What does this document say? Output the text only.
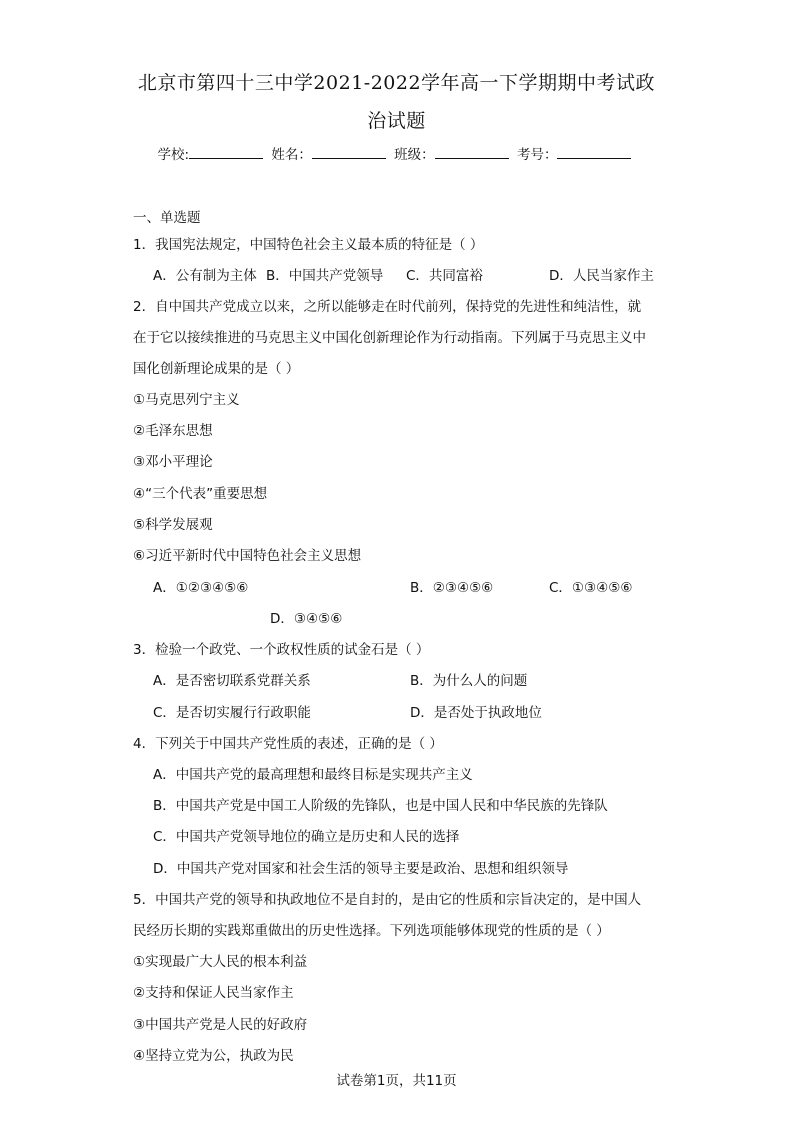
北京市第四十三中学2021-2022学年高一下学期期中考试政
治试题
学校:	姓名：	班级：	考号：
一、单选题
1．我国宪法规定，中国特色社会主义最本质的特征是（ ）
A．公有制为主体 B．中国共产党领导 C．共同富裕	D．人民当家作主
2．自中国共产党成立以来，之所以能够走在时代前列，保持党的先进性和纯洁性，就
在于它以接续推进的马克思主义中国化创新理论作为行动指南。下列属于马克思主义中
国化创新理论成果的是（ ）
①马克思列宁主义
②毛泽东思想
③邓小平理论
④“三个代表”重要思想
⑤科学发展观
⑥习近平新时代中国特色社会主义思想
A．①②③④⑤⑥	B．②③④⑤⑥	C．①③④⑤⑥
D．③④⑤⑥
3．检验一个政党、一个政权性质的试金石是（ ）
A．是否密切联系党群关系	B．为什么人的问题
C．是否切实履行行政职能	D．是否处于执政地位
4．下列关于中国共产党性质的表述，正确的是（ ）
A．中国共产党的最高理想和最终目标是实现共产主义
B．中国共产党是中国工人阶级的先锋队，也是中国人民和中华民族的先锋队
C．中国共产党领导地位的确立是历史和人民的选择
D．中国共产党对国家和社会生活的领导主要是政治、思想和组织领导
5．中国共产党的领导和执政地位不是自封的，是由它的性质和宗旨决定的，是中国人
民经历长期的实践郑重做出的历史性选择。下列选项能够体现党的性质的是（ ）
①实现最广大人民的根本利益
②支持和保证人民当家作主
③中国共产党是人民的好政府
④坚持立党为公，执政为民
试卷第1页，共11页
